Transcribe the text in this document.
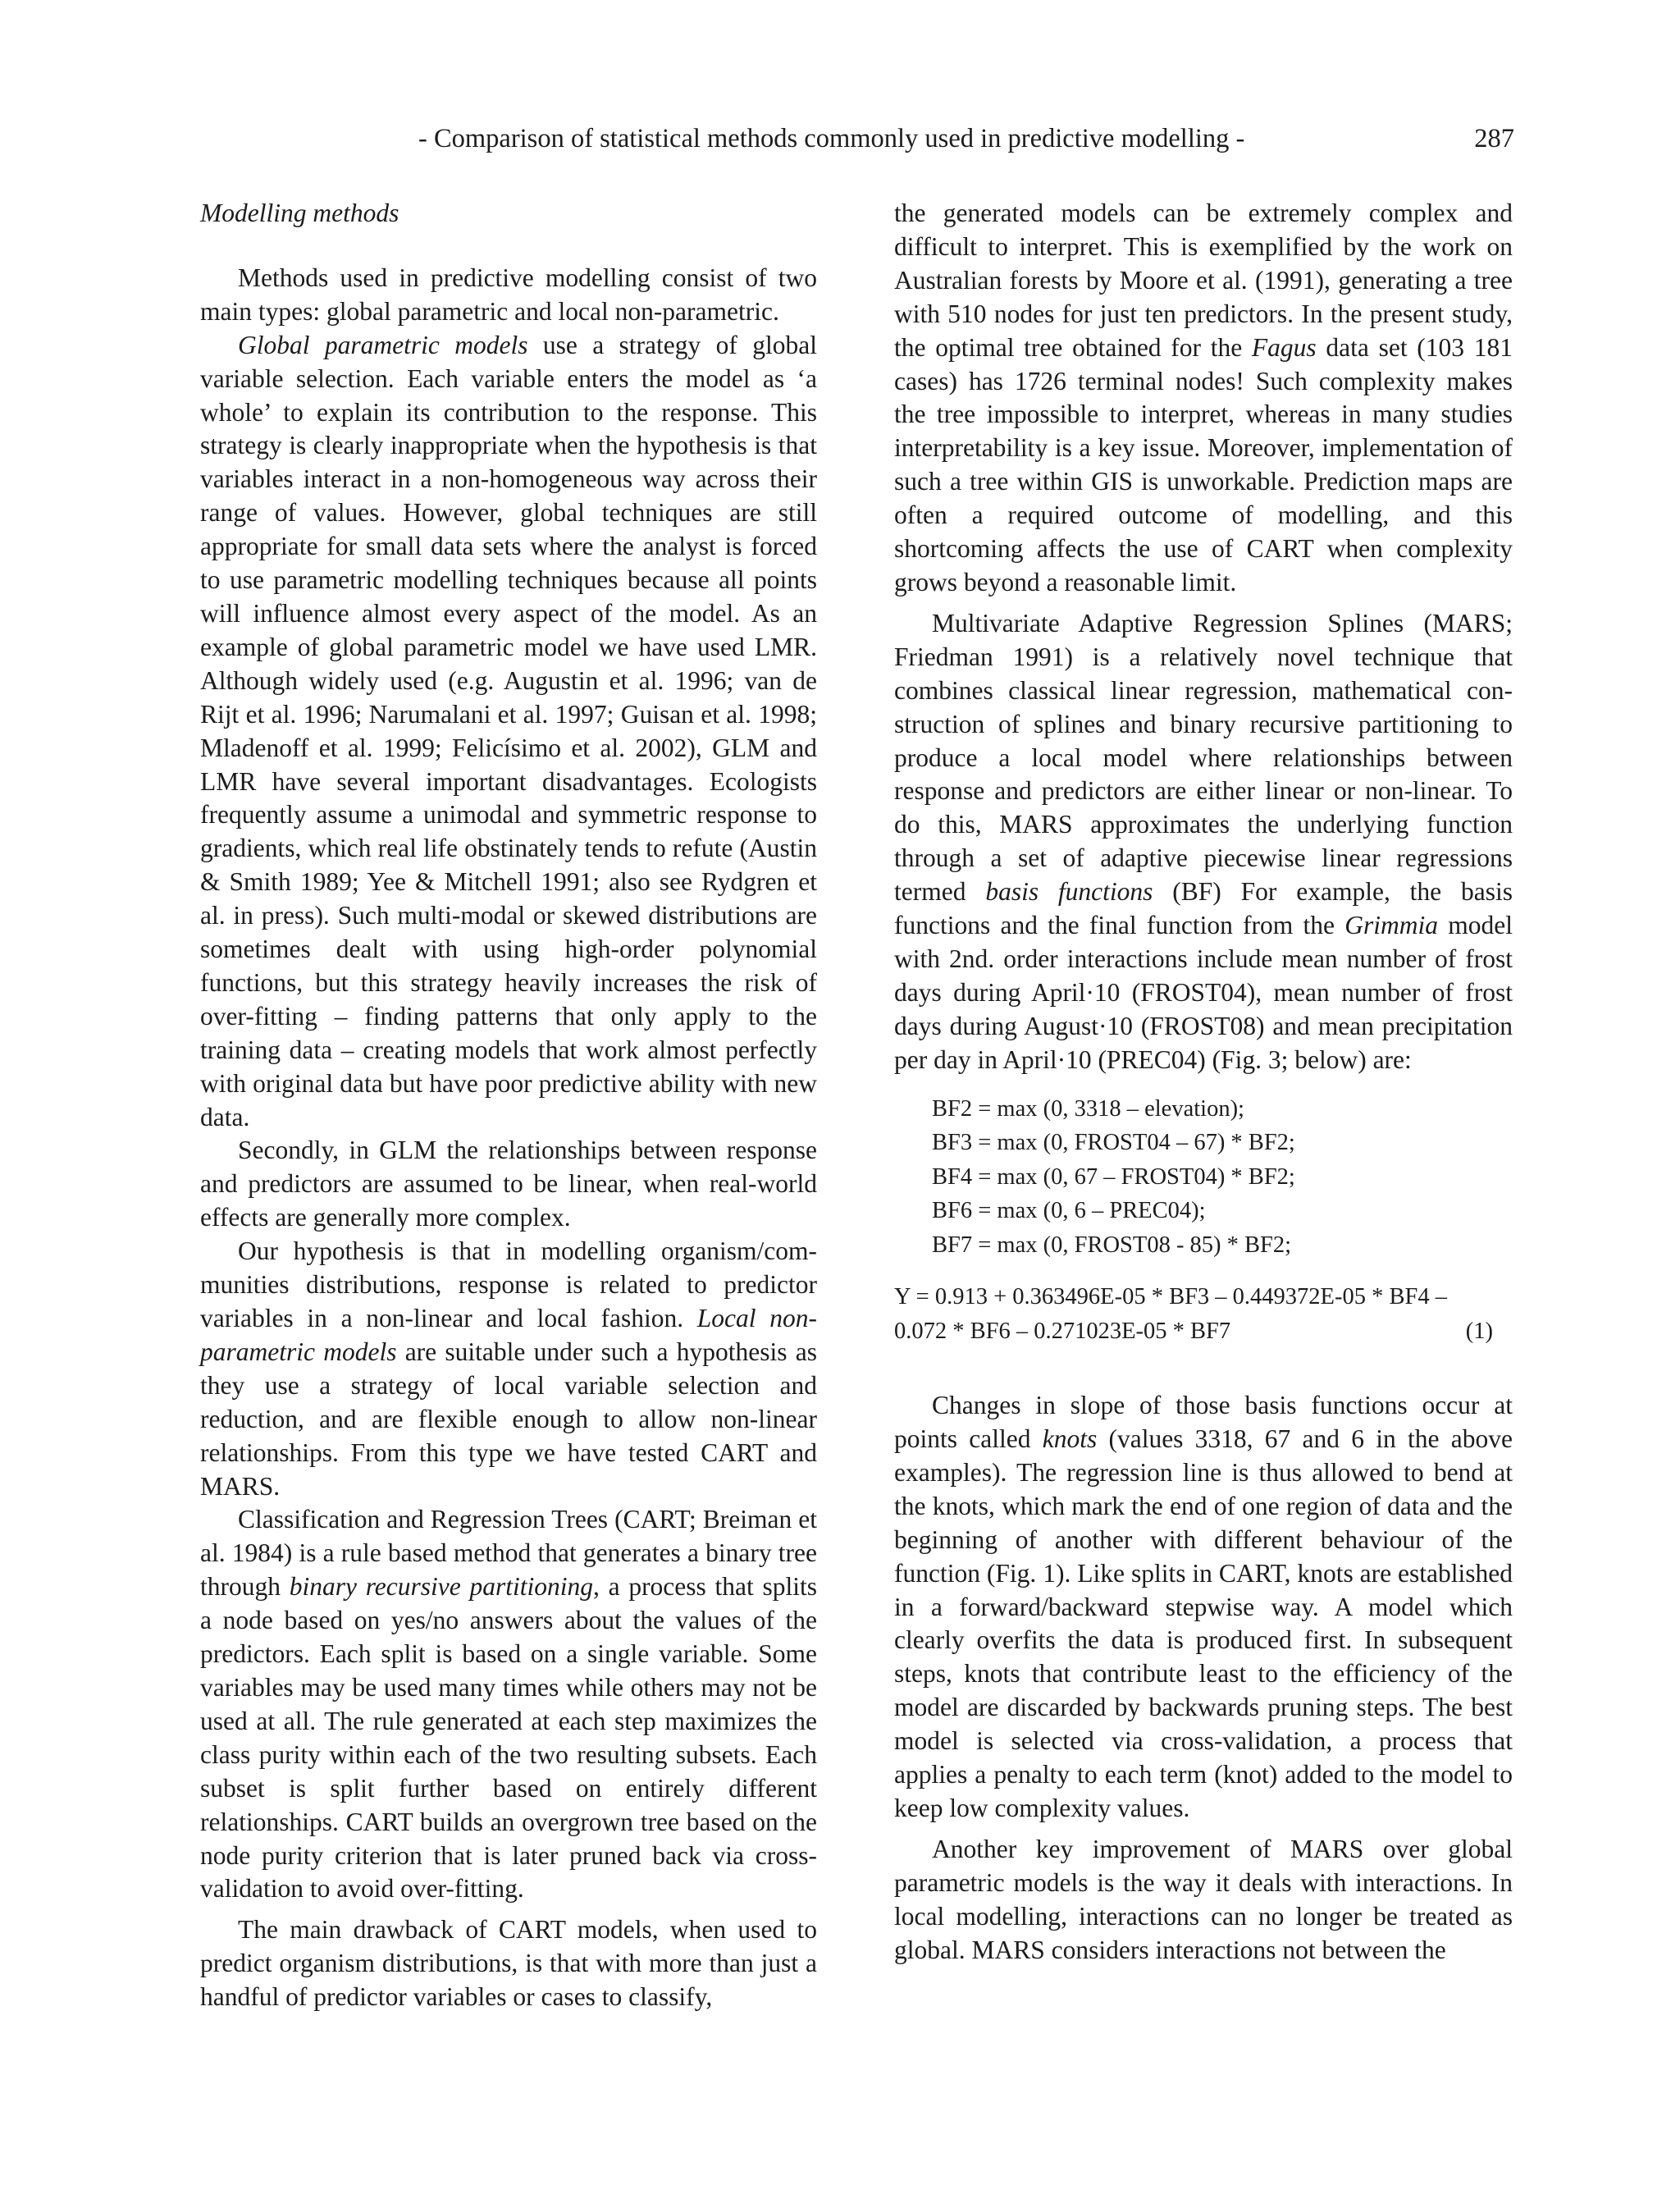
- Comparison of statistical methods commonly used in predictive modelling -	287
Modelling methods

Methods used in predictive modelling consist of two main types: global parametric and local non-parametric.

Global parametric models use a strategy of global variable selection. Each variable enters the model as ‘a whole’ to explain its contribution to the response. This strategy is clearly inappropriate when the hypothesis is that variables interact in a non-homogeneous way across their range of values. However, global techniques are still appropriate for small data sets where the analyst is forced to use parametric modelling techniques because all points will influence almost every aspect of the model. As an example of global parametric model we have used LMR. Although widely used (e.g. Augustin et al. 1996; van de Rijt et al. 1996; Narumalani et al. 1997; Guisan et al. 1998; Mladenoff et al. 1999; Felicísimo et al. 2002), GLM and LMR have several important disadvantages. Ecologists frequently assume a unimodal and symmetric response to gradients, which real life obstinately tends to refute (Austin & Smith 1989; Yee & Mitchell 1991; also see Rydgren et al. in press). Such multi-modal or skewed distributions are sometimes dealt with using high-order polynomial functions, but this strategy heavily increases the risk of over-fitting – finding patterns that only apply to the training data – creating models that work almost perfectly with original data but have poor predictive ability with new data.

Secondly, in GLM the relationships between response and predictors are assumed to be linear, when real-world effects are generally more complex.

Our hypothesis is that in modelling organism/communities distributions, response is related to predictor variables in a non-linear and local fashion. Local nonparametric models are suitable under such a hypothesis as they use a strategy of local variable selection and reduction, and are flexible enough to allow non-linear relationships. From this type we have tested CART and MARS.

Classification and Regression Trees (CART; Breiman et al. 1984) is a rule based method that generates a binary tree through binary recursive partitioning, a process that splits a node based on yes/no answers about the values of the predictors. Each split is based on a single variable. Some variables may be used many times while others may not be used at all. The rule generated at each step maximizes the class purity within each of the two resulting subsets. Each subset is split further based on entirely different relationships. CART builds an overgrown tree based on the node purity criterion that is later pruned back via cross-validation to avoid over-fitting.

The main drawback of CART models, when used to predict organism distributions, is that with more than just a handful of predictor variables or cases to classify,

the generated models can be extremely complex and difficult to interpret. This is exemplified by the work on Australian forests by Moore et al. (1991), generating a tree with 510 nodes for just ten predictors. In the present study, the optimal tree obtained for the Fagus data set (103 181 cases) has 1726 terminal nodes! Such complexity makes the tree impossible to interpret, whereas in many studies interpretability is a key issue. Moreover, implementation of such a tree within GIS is unworkable. Prediction maps are often a required outcome of modelling, and this shortcoming affects the use of CART when complexity grows beyond a reasonable limit.

Multivariate Adaptive Regression Splines (MARS; Friedman 1991) is a relatively novel technique that combines classical linear regression, mathematical construction of splines and binary recursive partitioning to produce a local model where relationships between response and predictors are either linear or non-linear. To do this, MARS approximates the underlying function through a set of adaptive piecewise linear regressions termed basis functions (BF) For example, the basis functions and the final function from the Grimmia model with 2nd. order interactions include mean number of frost days during April·10 (FROST04), mean number of frost days during August·10 (FROST08) and mean precipitation per day in April·10 (PREC04) (Fig. 3; below) are:

BF2 = max (0, 3318 – elevation);
BF3 = max (0, FROST04 – 67) * BF2;
BF4 = max (0, 67 – FROST04) * BF2;
BF6 = max (0, 6 – PREC04);
BF7 = max (0, FROST08 - 85) * BF2;
Y = 0.913 + 0.363496E-05 * BF3 – 0.449372E-05 * BF4 –
0.072 * BF6 – 0.271023E-05 * BF7	(1)

Changes in slope of those basis functions occur at points called knots (values 3318, 67 and 6 in the above examples). The regression line is thus allowed to bend at the knots, which mark the end of one region of data and the beginning of another with different behaviour of the function (Fig. 1). Like splits in CART, knots are established in a forward/backward stepwise way. A model which clearly overfits the data is produced first. In subsequent steps, knots that contribute least to the efficiency of the model are discarded by backwards pruning steps. The best model is selected via cross-validation, a process that applies a penalty to each term (knot) added to the model to keep low complexity values.

Another key improvement of MARS over global parametric models is the way it deals with interactions. In local modelling, interactions can no longer be treated as global. MARS considers interactions not between the
